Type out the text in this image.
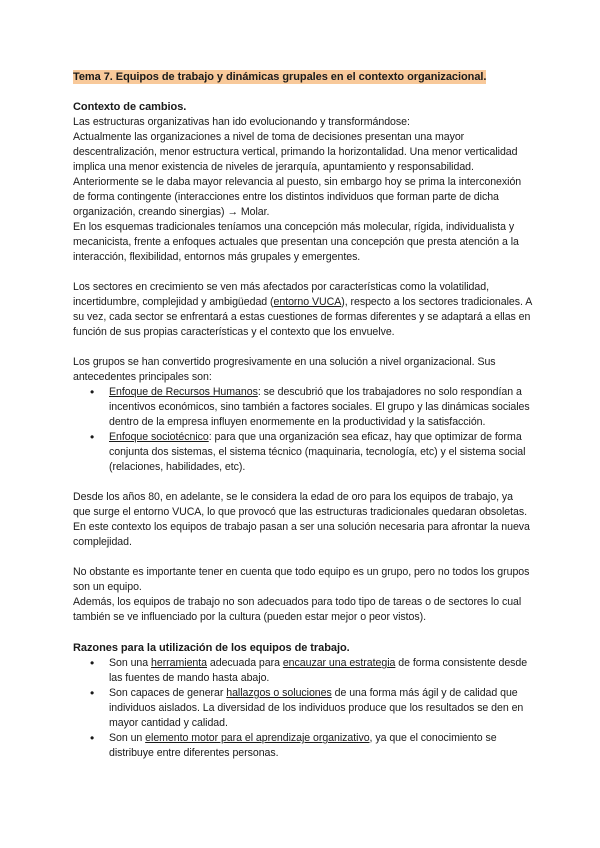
Tema 7. Equipos de trabajo y dinámicas grupales en el contexto organizacional.
Contexto de cambios.

Las estructuras organizativas han ido evolucionando y transformándose:

Actualmente las organizaciones a nivel de toma de decisiones presentan una mayor descentralización, menor estructura vertical, primando la horizontalidad. Una menor verticalidad implica una menor existencia de niveles de jerarquía, apuntamiento y responsabilidad.

Anteriormente se le daba mayor relevancia al puesto, sin embargo hoy se prima la interconexión de forma contingente (interacciones entre los distintos individuos que forman parte de dicha organización, creando sinergias) → Molar.

En los esquemas tradicionales teníamos una concepción más molecular, rígida, individualista y mecanicista, frente a enfoques actuales que presentan una concepción que presta atención a la interacción, flexibilidad, entornos más grupales y emergentes.

Los sectores en crecimiento se ven más afectados por características como la volatilidad, incertidumbre, complejidad y ambigüedad (entorno VUCA), respecto a los sectores tradicionales. A su vez, cada sector se enfrentará a estas cuestiones de formas diferentes y se adaptará a ellas en función de sus propias características y el contexto que los envuelve.

Los grupos se han convertido progresivamente en una solución a nivel organizacional. Sus antecedentes principales son:

• Enfoque de Recursos Humanos: se descubrió que los trabajadores no solo respondían a incentivos económicos, sino también a factores sociales. El grupo y las dinámicas sociales dentro de la empresa influyen enormemente en la productividad y la satisfacción.
• Enfoque sociotécnico: para que una organización sea eficaz, hay que optimizar de forma conjunta dos sistemas, el sistema técnico (maquinaria, tecnología, etc) y el sistema social (relaciones, habilidades, etc).

Desde los años 80, en adelante, se le considera la edad de oro para los equipos de trabajo, ya que surge el entorno VUCA, lo que provocó que las estructuras tradicionales quedaran obsoletas. En este contexto los equipos de trabajo pasan a ser una solución necesaria para afrontar la nueva complejidad.

No obstante es importante tener en cuenta que todo equipo es un grupo, pero no todos los grupos son un equipo.

Además, los equipos de trabajo no son adecuados para todo tipo de tareas o de sectores lo cual también se ve influenciado por la cultura (pueden estar mejor o peor vistos).

Razones para la utilización de los equipos de trabajo.
• Son una herramienta adecuada para encauzar una estrategia de forma consistente desde las fuentes de mando hasta abajo.
• Son capaces de generar hallazgos o soluciones de una forma más ágil y de calidad que individuos aislados. La diversidad de los individuos produce que los resultados se den en mayor cantidad y calidad.
• Son un elemento motor para el aprendizaje organizativo, ya que el conocimiento se distribuye entre diferentes personas.
